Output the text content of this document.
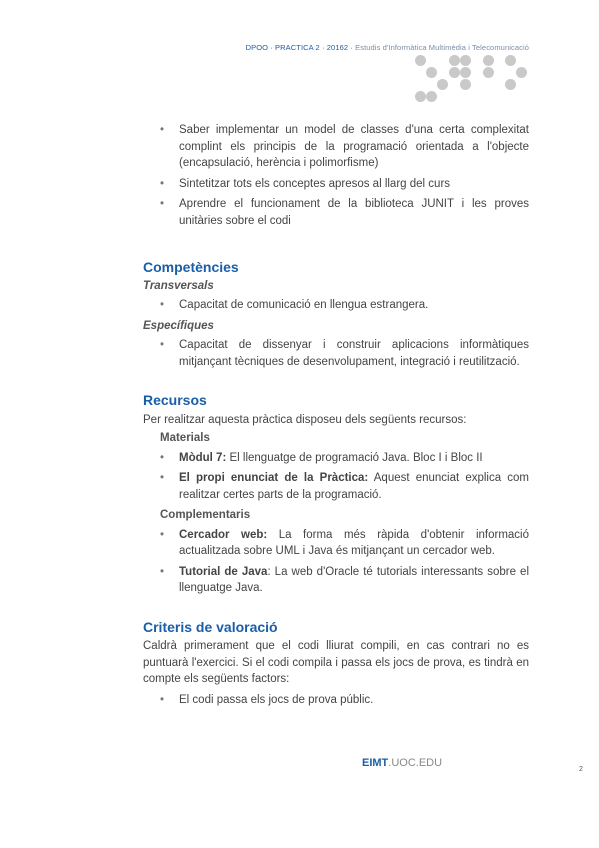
DPOO · PRACTICA 2 · 20162 · Estudis d'Informàtica Multimèdia i Telecomunicació
• Saber implementar un model de classes d'una certa complexitat complint els principis de la programació orientada a l'objecte (encapsulació, herència i polimorfisme)
• Sintetitzar tots els conceptes apresos al llarg del curs
• Aprendre el funcionament de la biblioteca JUNIT i les proves unitàries sobre el codi
Competències
Transversals
• Capacitat de comunicació en llengua estrangera.
Específiques
• Capacitat de dissenyar i construir aplicacions informàtiques mitjançant tècniques de desenvolupament, integració i reutilització.
Recursos

Per realitzar aquesta pràctica disposeu dels següents recursos:

Materials
• Mòdul 7: El llenguatge de programació Java. Bloc I i Bloc II
• El propi enunciat de la Pràctica: Aquest enunciat explica com realitzar certes parts de la programació.
Complementaris
• Cercador web: La forma més ràpida d'obtenir informació actualitzada sobre UML i Java és mitjançant un cercador web.
• Tutorial de Java: La web d'Oracle té tutorials interessants sobre el llenguatge Java.
Criteris de valoració

Caldrà primerament que el codi lliurat compili, en cas contrari no es puntuarà l'exercici. Si el codi compila i passa els jocs de prova, es tindrà en compte els següents factors:

• El codi passa els jocs de prova públic.
EIMT.UOC.EDU
2
